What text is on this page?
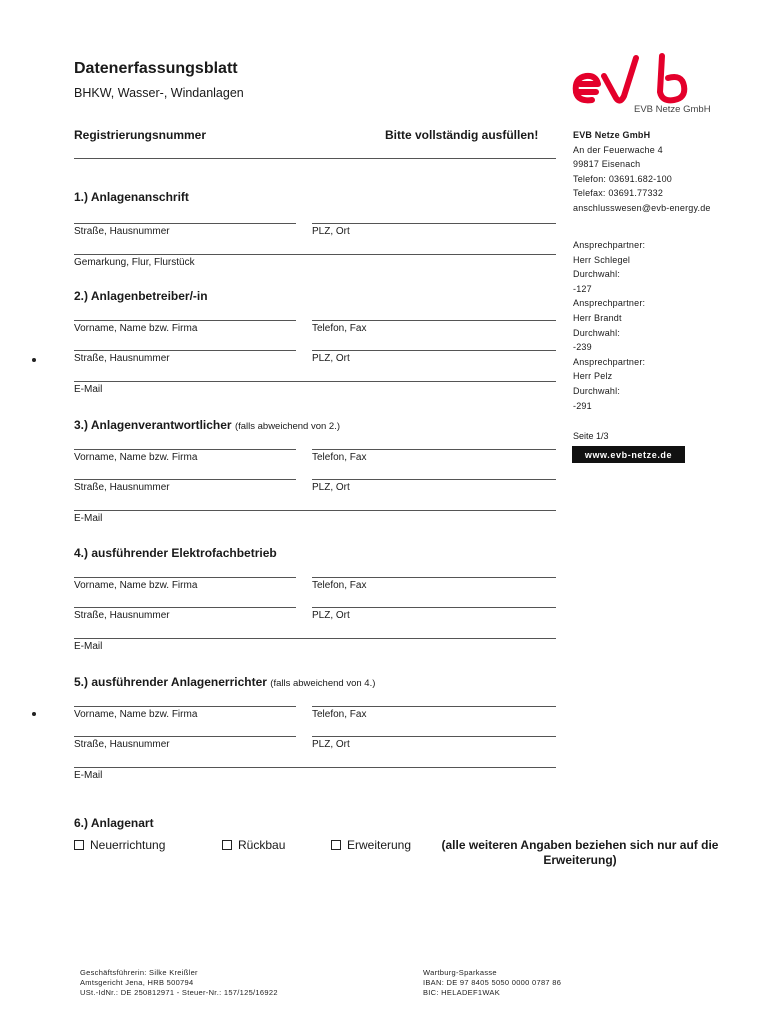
Datenerfassungsblatt
BHKW, Wasser-, Windanlagen
EVB Netze GmbH
Registrierungsnummer	Bitte vollständig ausfüllen!	EVB Netze GmbH
An der Feuerwache 4
99817 Eisenach
Telefon: 03691.682-100
Telefax: 03691.77332
anschlusswesen@evb-energy.de
Ansprechpartner:
Herr Schlegel
Durchwahl:
-127
Ansprechpartner:
Herr Brandt
Durchwahl:
-239
Ansprechpartner:
Herr Pelz
Durchwahl:
-291
Seite 1/3
www.evb-netze.de
1.) Anlagenanschrift
Straße, Hausnummer	PLZ, Ort
Gemarkung, Flur, Flurstück
2.) Anlagenbetreiber/-in
Vorname, Name bzw. Firma	Telefon, Fax
Straße, Hausnummer	PLZ, Ort
E-Mail
3.) Anlagenverantwortlicher (falls abweichend von 2.)
Vorname, Name bzw. Firma	Telefon, Fax
Straße, Hausnummer	PLZ, Ort
E-Mail
4.) ausführender Elektrofachbetrieb
Vorname, Name bzw. Firma	Telefon, Fax
Straße, Hausnummer	PLZ, Ort
E-Mail
5.) ausführender Anlagenerrichter (falls abweichend von 4.)
Vorname, Name bzw. Firma	Telefon, Fax
Straße, Hausnummer	PLZ, Ort
E-Mail
6.) Anlagenart
Neuerrichtung	Rückbau	Erweiterung	(alle weiteren Angaben beziehen sich nur auf die Erweiterung)
Geschäftsführerin: Silke Kreißler
Amtsgericht Jena, HRB 500794
USt.-IdNr.: DE 250812971 - Steuer-Nr.: 157/125/16922
Wartburg-Sparkasse
IBAN: DE 97 8405 5050 0000 0787 86
BIC: HELADEF1WAK
